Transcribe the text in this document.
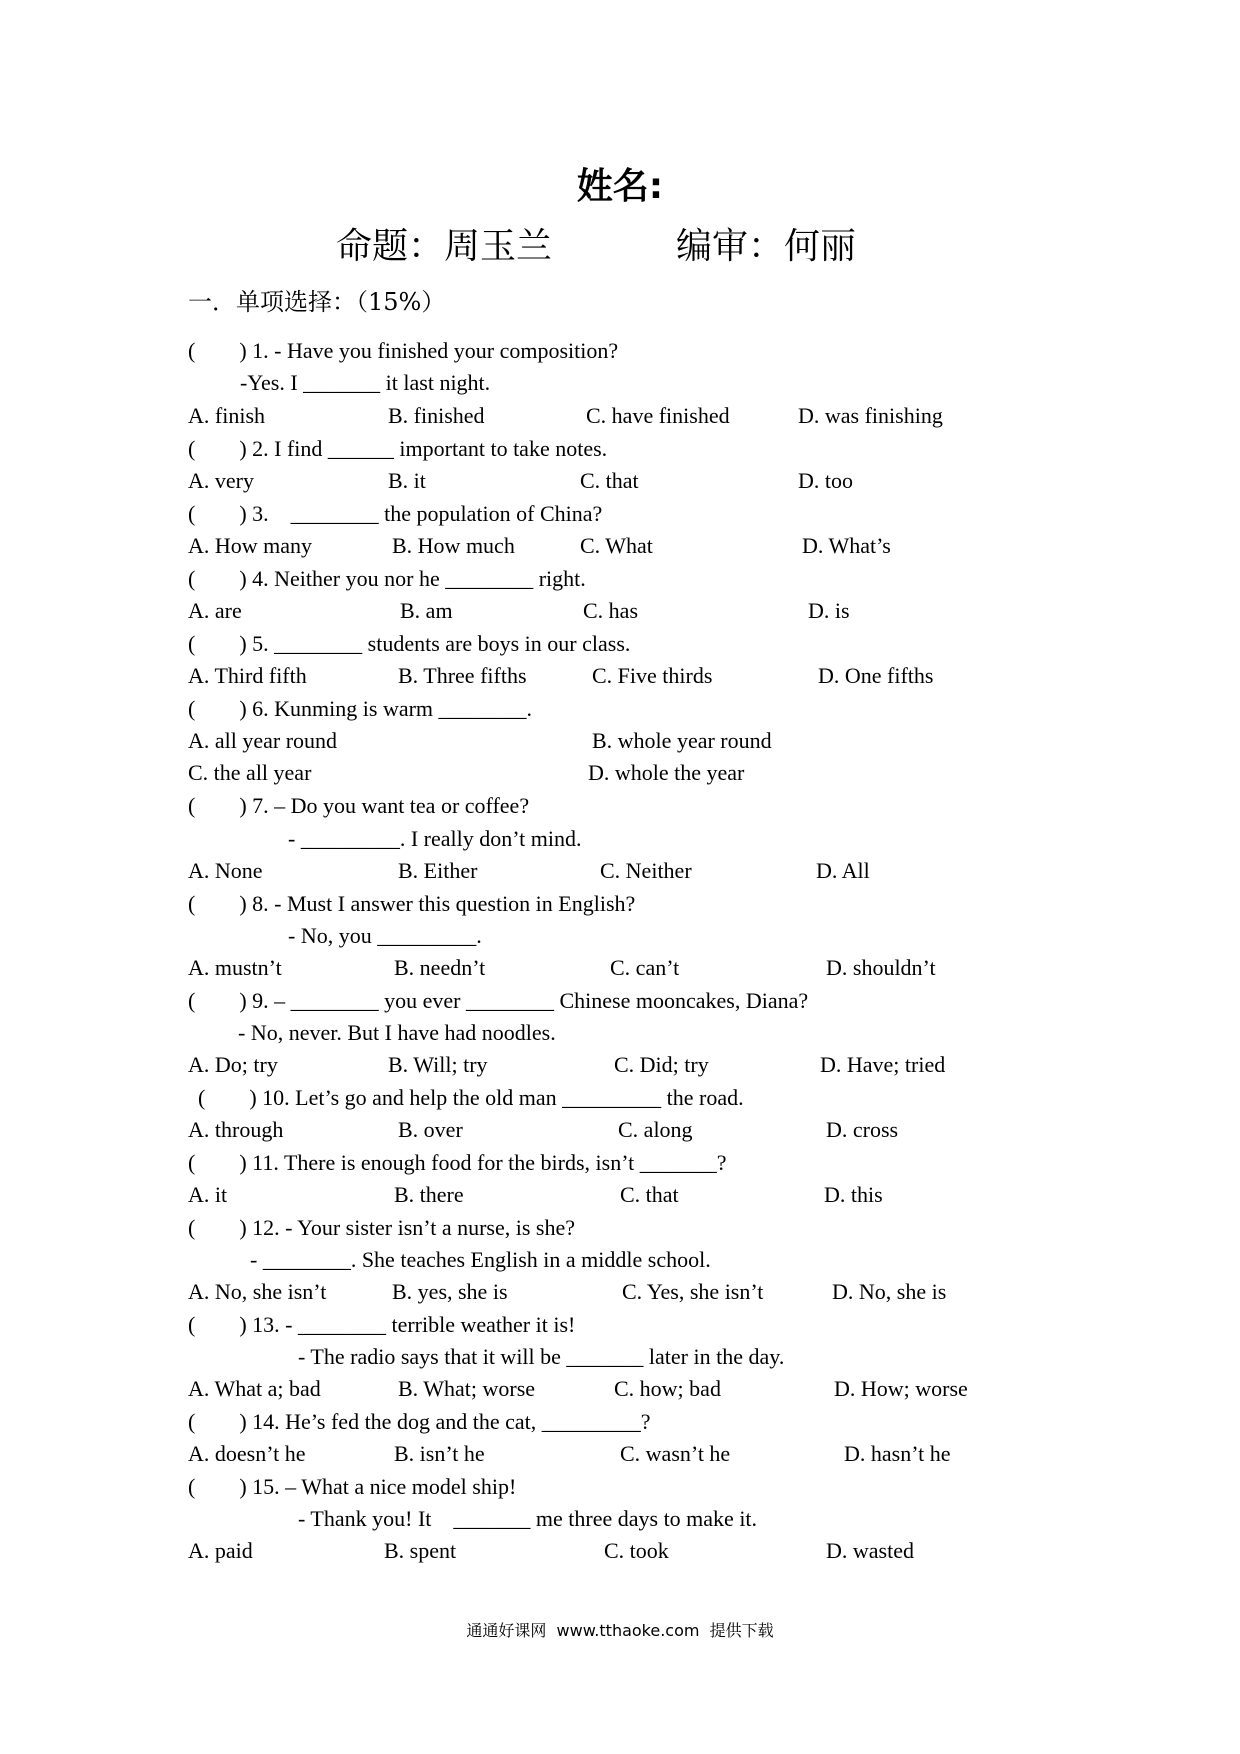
姓名:
命题：周玉兰	编审：何丽
一．单项选择：（15%）
(        ) 1. - Have you finished your composition?
-Yes. I _______ it last night.
A. finish	B. finished	C. have finished	D. was finishing
(        ) 2. I find ______ important to take notes.
A. very	B. it	C. that	D. too
(        ) 3.    ________ the population of China?
A. How many	B. How much	C. What	D. What’s
(        ) 4. Neither you nor he ________ right.
A. are	B. am	C. has	D. is
(        ) 5. ________ students are boys in our class.
A. Third fifth	B. Three fifths	C. Five thirds	D. One fifths
(        ) 6. Kunming is warm ________.
A. all year round	B. whole year round
C. the all year	D. whole the year
(        ) 7. – Do you want tea or coffee?
- _________. I really don’t mind.
A. None	B. Either	C. Neither	D. All
(        ) 8. - Must I answer this question in English?
- No, you _________.
A. mustn’t	B. needn’t	C. can’t	D. shouldn’t
(        ) 9. – ________ you ever ________ Chinese mooncakes, Diana?
- No, never. But I have had noodles.
A. Do; try	B. Will; try	C. Did; try	D. Have; tried
(        ) 10. Let’s go and help the old man _________ the road.
A. through	B. over	C. along	D. cross
(        ) 11. There is enough food for the birds, isn’t _______?
A. it	B. there	C. that	D. this
(        ) 12. - Your sister isn’t a nurse, is she?
- ________. She teaches English in a middle school.
A. No, she isn’t	B. yes, she is	C. Yes, she isn’t	D. No, she is
(        ) 13. - ________ terrible weather it is!
- The radio says that it will be _______ later in the day.
A. What a; bad	B. What; worse	C. how; bad	D. How; worse
(        ) 14. He’s fed the dog and the cat, _________?
A. doesn’t he	B. isn’t he	C. wasn’t he	D. hasn’t he
(        ) 15. – What a nice model ship!
- Thank you! It    _______ me three days to make it.
A. paid	B. spent	C. took	D. wasted
通通好课网  www.tthaoke.com  提供下载
